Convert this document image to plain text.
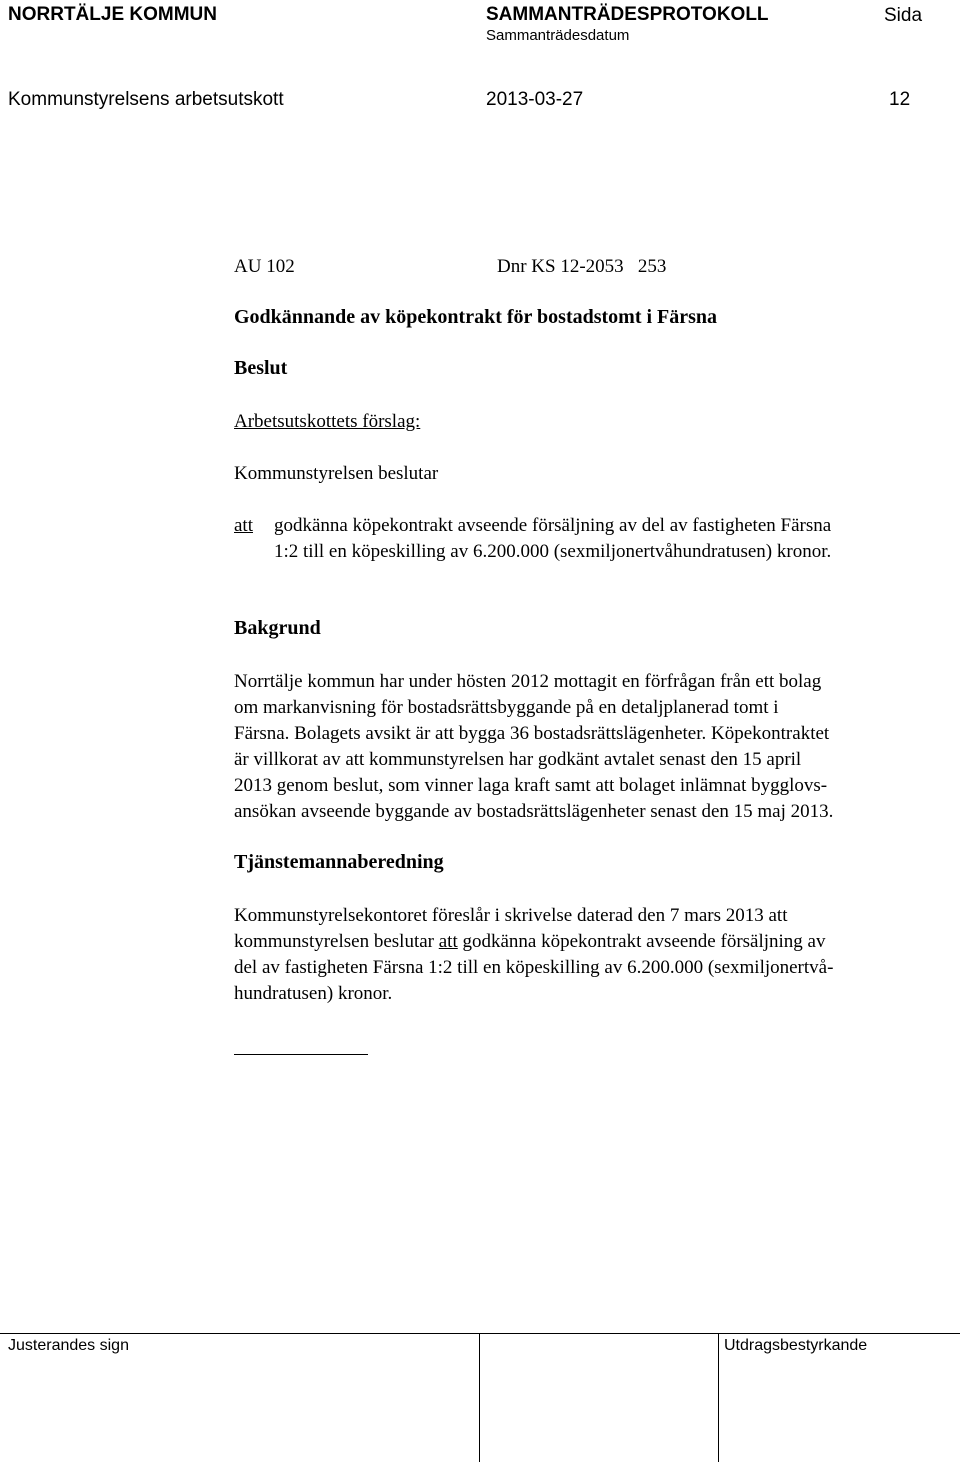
NORRTÄLJE KOMMUN	SAMMANTRÄDESPROTOKOLL
Sammanträdesdatum
Sida
Kommunstyrelsens arbetsutskott	2013-03-27	12
AU 102	Dnr KS 12-2053   253
Godkännande av köpekontrakt för bostadstomt i Färsna
Beslut
Arbetsutskottets förslag:
Kommunstyrelsen beslutar
att godkänna köpekontrakt avseende försäljning av del av fastigheten Färsna
1:2 till en köpeskilling av 6.200.000 (sexmiljonertvåhundratusen) kronor.
Bakgrund
Norrtälje kommun har under hösten 2012 mottagit en förfrågan från ett bolag
om markanvisning för bostadsrättsbyggande på en detaljplanerad tomt i
Färsna. Bolagets avsikt är att bygga 36 bostadsrättslägenheter. Köpekontraktet
är villkorat av att kommunstyrelsen har godkänt avtalet senast den 15 april
2013 genom beslut, som vinner laga kraft samt att bolaget inlämnat bygglovs-
ansökan avseende byggande av bostadsrättslägenheter senast den 15 maj 2013.
Tjänstemannaberedning
Kommunstyrelsekontoret föreslår i skrivelse daterad den 7 mars 2013 att
kommunstyrelsen beslutar att godkänna köpekontrakt avseende försäljning av
del av fastigheten Färsna 1:2 till en köpeskilling av 6.200.000 (sexmiljonertvå-
hundratusen) kronor.
Justerandes sign	Utdragsbestyrkande
